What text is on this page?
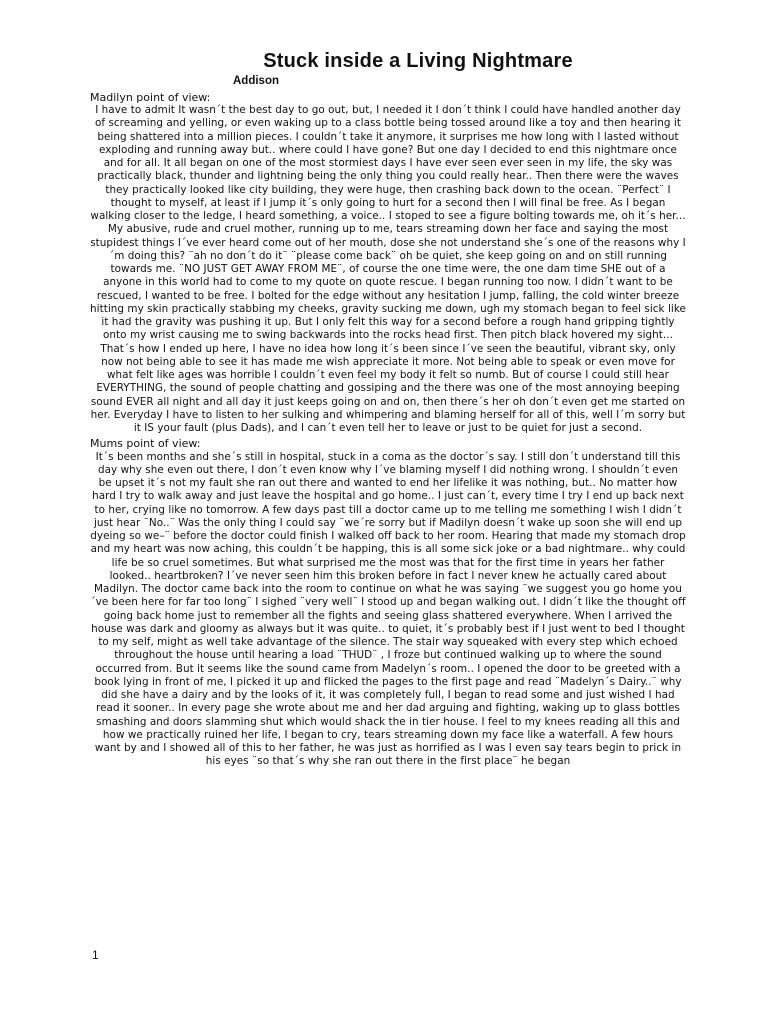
Stuck inside a Living Nightmare
Addison
Madilyn point of view:

I have to admit It wasn´t the best day to go out, but, I needed it I don´t think I could have handled another day of screaming and yelling, or even waking up to a class bottle being tossed around like a toy and then hearing it being shattered into a million pieces. I couldn´t take it anymore, it surprises me how long with I lasted without exploding and running away but.. where could I have gone? But one day I decided to end this nightmare once and for all. It all began on one of the most stormiest days I have ever seen ever seen in my life, the sky was practically black, thunder and lightning being the only thing you could really hear.. Then there were the waves they practically looked like city building, they were huge, then crashing back down to the ocean. ¨Perfect¨ I thought to myself, at least if I jump it´s only going to hurt for a second then I will final be free. As I began walking closer to the ledge, I heard something, a voice.. I stoped to see a figure bolting towards me, oh it´s her... My abusive, rude and cruel mother, running up to me, tears streaming down her face and saying the most stupidest things I´ve ever heard come out of her mouth, dose she not understand she´s one of the reasons why I´m doing this? ¨ah no don´t do it¨ ¨please come back¨ oh be quiet, she keep going on and on still running towards me. ¨NO JUST GET AWAY FROM ME¨, of course the one time were, the one dam time SHE out of a anyone in this world had to come to my quote on quote rescue. I began running too now. I didn´t want to be rescued, I wanted to be free. I bolted for the edge without any hesitation I jump, falling, the cold winter breeze hitting my skin practically stabbing my cheeks, gravity sucking me down, ugh my stomach began to feel sick like it had the gravity was pushing it up. But I only felt this way for a second before a rough hand gripping tightly onto my wrist causing me to swing backwards into the rocks head first. Then pitch black hovered my sight... That´s how I ended up here, I have no idea how long it´s been since I´ve seen the beautiful, vibrant sky, only now not being able to see it has made me wish appreciate it more. Not being able to speak or even move for what felt like ages was horrible I couldn´t even feel my body it felt so numb. But of course I could still hear EVERYTHING, the sound of people chatting and gossiping and the there was one of the most annoying beeping sound EVER all night and all day it just keeps going on and on, then there´s her oh don´t even get me started on her. Everyday I have to listen to her sulking and whimpering and blaming herself for all of this, well I´m sorry but it IS your fault (plus Dads), and I can´t even tell her to leave or just to be quiet for just a second.

Mums point of view:

It´s been months and she´s still in hospital, stuck in a coma as the doctor´s say. I still don´t understand till this day why she even out there, I don´t even know why I´ve blaming myself I did nothing wrong. I shouldn´t even be upset it´s not my fault she ran out there and wanted to end her lifelike it was nothing, but.. No matter how hard I try to walk away and just leave the hospital and go home.. I just can´t, every time I try I end up back next to her, crying like no tomorrow. A few days past till a doctor came up to me telling me something I wish I didn´t just hear ¨No..¨ Was the only thing I could say ¨we´re sorry but if Madilyn doesn´t wake up soon she will end up dyeing so we–¨ before the doctor could finish I walked off back to her room. Hearing that made my stomach drop and my heart was now aching, this couldn´t be happing, this is all some sick joke or a bad nightmare.. why could life be so cruel sometimes. But what surprised me the most was that for the first time in years her father looked.. heartbroken? I´ve never seen him this broken before in fact I never knew he actually cared about Madilyn. The doctor came back into the room to continue on what he was saying ¨we suggest you go home you´ve been here for far too long¨ I sighed ¨very well¨ I stood up and began walking out. I didn´t like the thought off going back home just to remember all the fights and seeing glass shattered everywhere. When I arrived the house was dark and gloomy as always but it was quite.. to quiet, it´s probably best if I just went to bed I thought to my self, might as well take advantage of the silence. The stair way squeaked with every step which echoed throughout the house until hearing a load ¨THUD¨ , I froze but continued walking up to where the sound occurred from. But it seems like the sound came from Madelyn´s room.. I opened the door to be greeted with a book lying in front of me, I picked it up and flicked the pages to the first page and read ¨Madelyn´s Dairy..¨ why did she have a dairy and by the looks of it, it was completely full, I began to read some and just wished I had read it sooner.. In every page she wrote about me and her dad arguing and fighting, waking up to glass bottles smashing and doors slamming shut which would shack the in tier house. I feel to my knees reading all this and how we practically ruined her life, I began to cry, tears streaming down my face like a waterfall. A few hours want by and I showed all of this to her father, he was just as horrified as I was I even say tears begin to prick in his eyes ¨so that´s why she ran out there in the first place¨ he began

1
